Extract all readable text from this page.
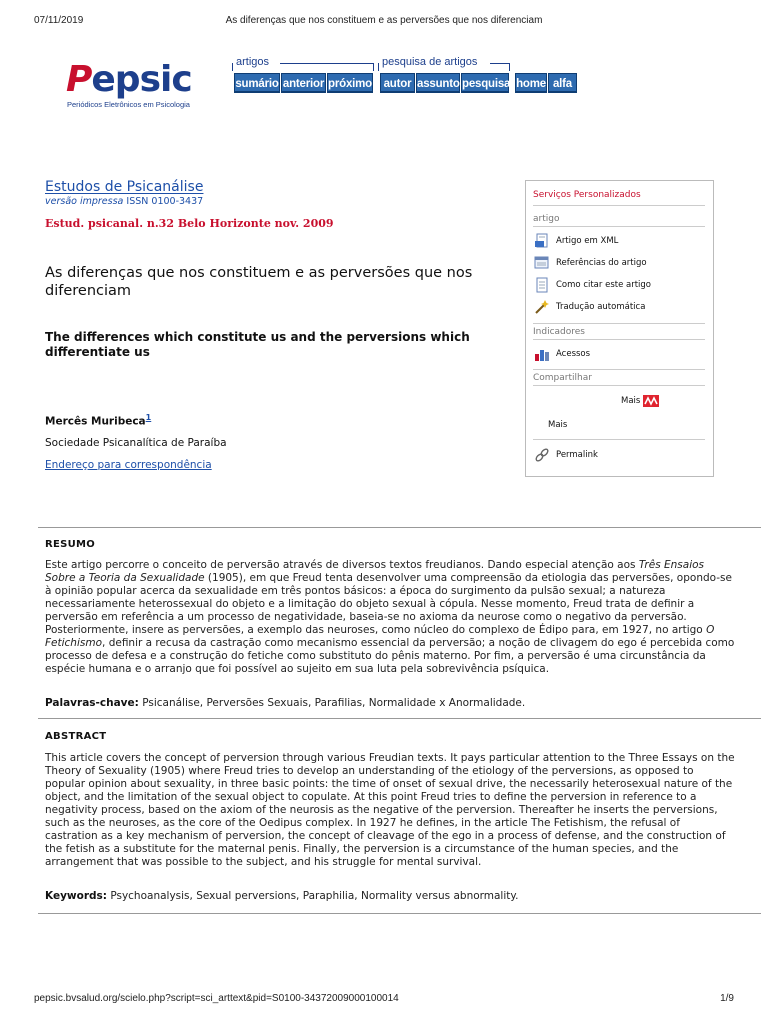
07/11/2019	As diferenças que nos constituem e as perversões que nos diferenciam
Pepsic
Periódicos Eletrônicos em Psicologia
artigos
sumário anterior próximo
pesquisa de artigos
autor assunto pesquisa home alfa
Estudos de Psicanálise
versão impressa ISSN 0100-3437
Estud. psicanal. n.32 Belo Horizonte nov. 2009
As diferenças que nos constituem e as perversões que nos diferenciam
The differences which constitute us and the perversions which differentiate us
Mercês Muribeca$^1$
Sociedade Psicanalítica de Paraíba
Endereço para correspondência
Serviços Personalizados
artigo
Artigo em XML
Referências do artigo
Como citar este artigo
Tradução automática
Indicadores
Acessos
Compartilhar
Mais
Mais
Permalink
RESUMO
Este artigo percorre o conceito de perversão através de diversos textos freudianos. Dando especial atenção aos Três Ensaios Sobre a Teoria da Sexualidade (1905), em que Freud tenta desenvolver uma compreensão da etiologia das perversões, opondo-se à opinião popular acerca da sexualidade em três pontos básicos: a época do surgimento da pulsão sexual; a natureza necessariamente heterossexual do objeto e a limitação do objeto sexual à cópula. Nesse momento, Freud trata de definir a perversão em referência a um processo de negatividade, baseia-se no axioma da neurose como o negativo da perversão. Posteriormente, insere as perversões, a exemplo das neuroses, como núcleo do complexo de Édipo para, em 1927, no artigo O Fetichismo, definir a recusa da castração como mecanismo essencial da perversão; a noção de clivagem do ego é percebida como processo de defesa e a construção do fetiche como substituto do pênis materno. Por fim, a perversão é uma circunstância da espécie humana e o arranjo que foi possível ao sujeito em sua luta pela sobrevivência psíquica.
Palavras-chave: Psicanálise, Perversões Sexuais, Parafilias, Normalidade x Anormalidade.
ABSTRACT
This article covers the concept of perversion through various Freudian texts. It pays particular attention to the Three Essays on the Theory of Sexuality (1905) where Freud tries to develop an understanding of the etiology of the perversions, as opposed to popular opinion about sexuality, in three basic points: the time of onset of sexual drive, the necessarily heterosexual nature of the object, and the limitation of the sexual object to copulate. At this point Freud tries to define the perversion in reference to a negativity process, based on the axiom of the neurosis as the negative of the perversion. Thereafter he inserts the perversions, such as the neuroses, as the core of the Oedipus complex. In 1927 he defines, in the article The Fetishism, the refusal of castration as a key mechanism of perversion, the concept of cleavage of the ego in a process of defense, and the construction of the fetish as a substitute for the maternal penis. Finally, the perversion is a circumstance of the human species, and the arrangement that was possible to the subject, and his struggle for mental survival.
Keywords: Psychoanalysis, Sexual perversions, Paraphilia, Normality versus abnormality.
pepsic.bvsalud.org/scielo.php?script=sci_arttext&pid=S0100-34372009000100014	1/9
